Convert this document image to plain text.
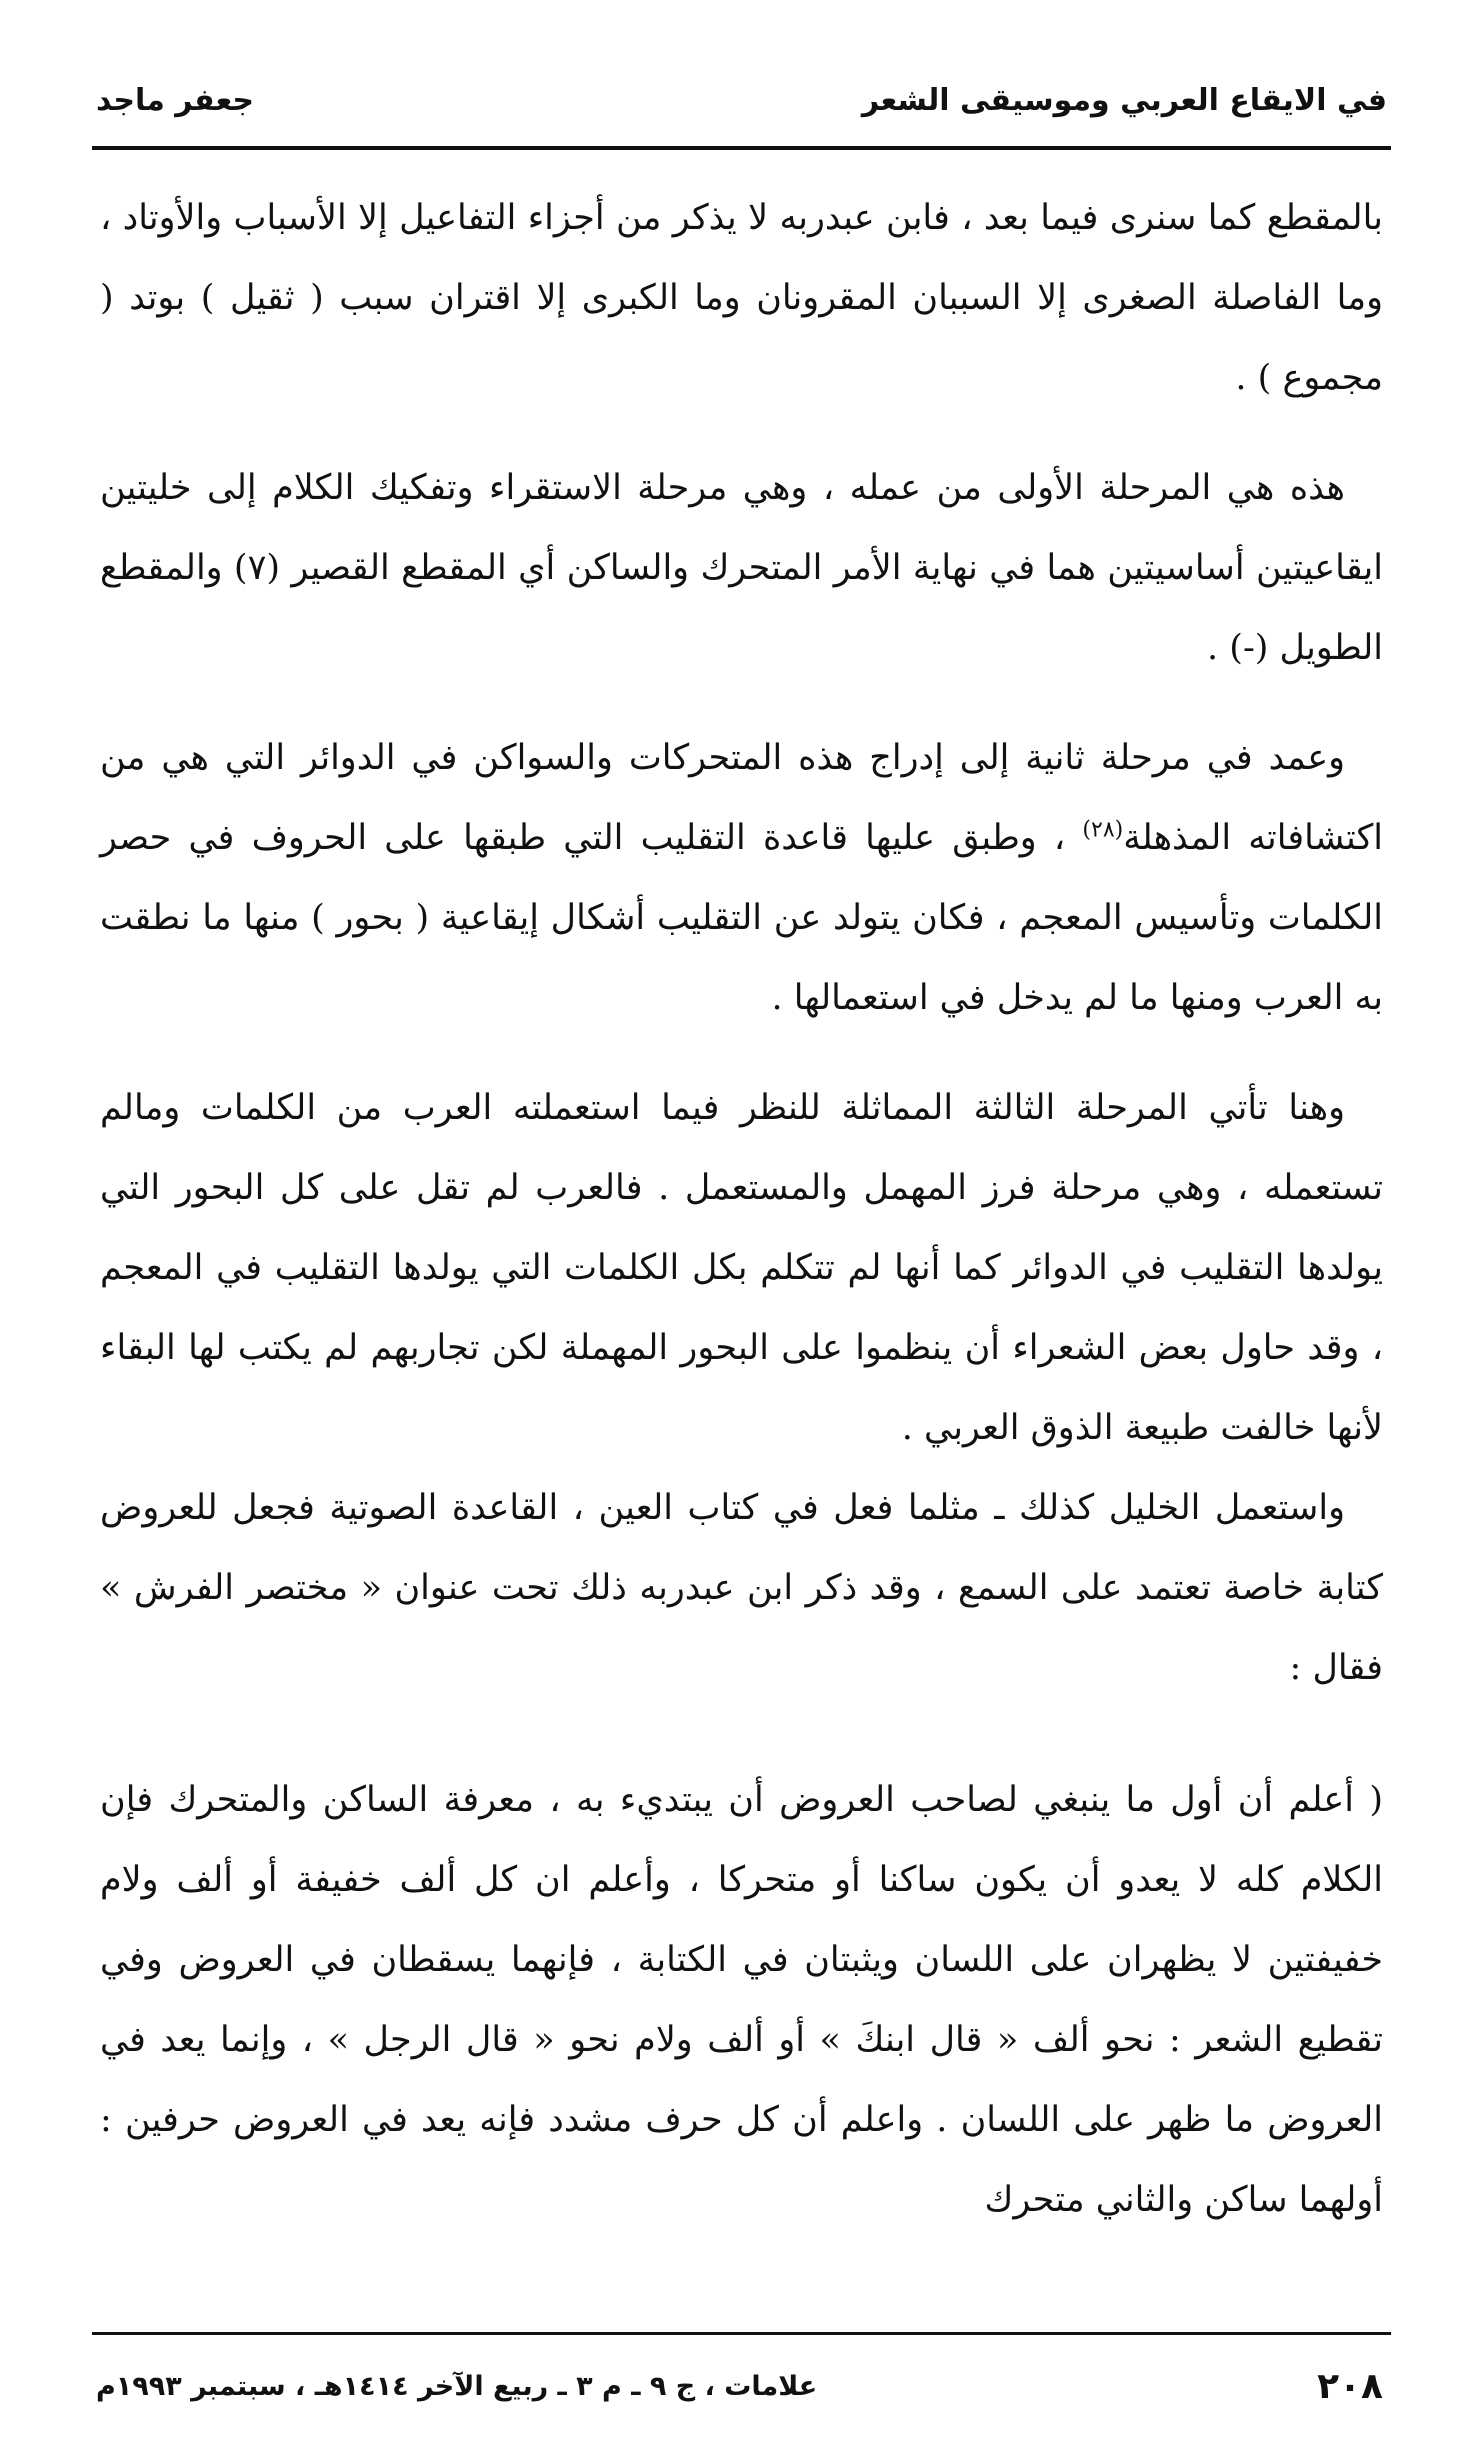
في الايقاع العربي وموسيقى الشعر
جعفر ماجد

بالمقطع كما سنرى فيما بعد ، فابن عبدربه لا يذكر من أجزاء التفاعيل إلا الأسباب والأوتاد ، وما الفاصلة الصغرى إلا السببان المقرونان وما الكبرى إلا اقتران سبب ( ثقيل ) بوتد ( مجموع ) .

هذه هي المرحلة الأولى من عمله ، وهي مرحلة الاستقراء وتفكيك الكلام إلى خليتين ايقاعيتين أساسيتين هما في نهاية الأمر المتحرك والساكن أي المقطع القصير (٧) والمقطع الطويل (-) .

وعمد في مرحلة ثانية إلى إدراج هذه المتحركات والسواكن في الدوائر التي هي من اكتشافاته المذهلة$^{(٢٨)}$ ، وطبق عليها قاعدة التقليب التي طبقها على الحروف في حصر الكلمات وتأسيس المعجم ، فكان يتولد عن التقليب أشكال إيقاعية ( بحور ) منها ما نطقت به العرب ومنها ما لم يدخل في استعمالها .

وهنا تأتي المرحلة الثالثة المماثلة للنظر فيما استعملته العرب من الكلمات ومالم تستعمله ، وهي مرحلة فرز المهمل والمستعمل . فالعرب لم تقل على كل البحور التي يولدها التقليب في الدوائر كما أنها لم تتكلم بكل الكلمات التي يولدها التقليب في المعجم ، وقد حاول بعض الشعراء أن ينظموا على البحور المهملة لكن تجاربهم لم يكتب لها البقاء لأنها خالفت طبيعة الذوق العربي .

واستعمل الخليل كذلك ـ مثلما فعل في كتاب العين ، القاعدة الصوتية فجعل للعروض كتابة خاصة تعتمد على السمع ، وقد ذكر ابن عبدربه ذلك تحت عنوان « مختصر الفرش » فقال :

( أعلم أن أول ما ينبغي لصاحب العروض أن يبتديء به ، معرفة الساكن والمتحرك فإن الكلام كله لا يعدو أن يكون ساكنا أو متحركا ، وأعلم ان كل ألف خفيفة أو ألف ولام خفيفتين لا يظهران على اللسان ويثبتان في الكتابة ، فإنهما يسقطان في العروض وفي تقطيع الشعر : نحو ألف « قال ابنكَ » أو ألف ولام نحو « قال الرجل » ، وإنما يعد في العروض ما ظهر على اللسان . واعلم أن كل حرف مشدد فإنه يعد في العروض حرفين : أولهما ساكن والثاني متحرك

٢٠٨
علامات ، ج ٩ ـ م ٣ ـ ربيع الآخر ١٤١٤هـ ، سبتمبر ١٩٩٣م
